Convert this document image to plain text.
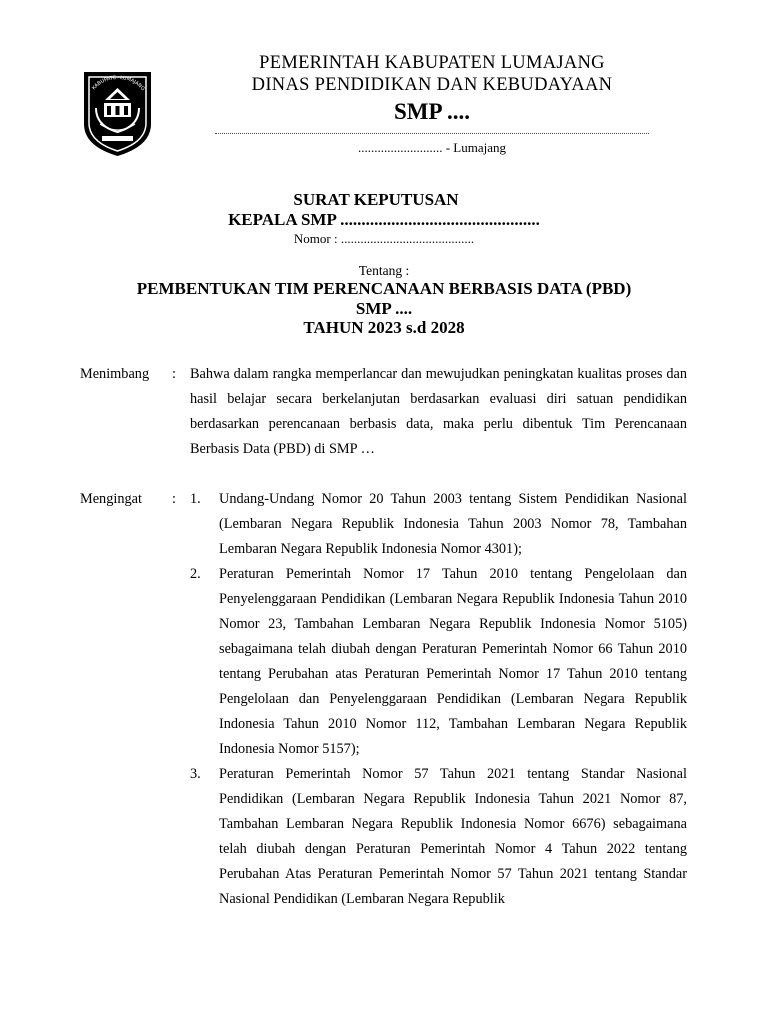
KABUPATE LUMAJANG
PEMERINTAH KABUPATEN LUMAJANG
DINAS PENDIDIKAN DAN KEBUDAYAAN
SMP ....
.......................... - Lumajang
SURAT KEPUTUSAN
KEPALA SMP ...............................................
Nomor : .........................................
Tentang :
PEMBENTUKAN TIM PERENCANAAN BERBASIS DATA (PBD)
SMP ....
TAHUN 2023 s.d 2028
Menimbang : Bahwa dalam rangka memperlancar dan mewujudkan peningkatan kualitas proses dan hasil belajar secara berkelanjutan berdasarkan evaluasi diri satuan pendidikan berdasarkan perencanaan berbasis data, maka perlu dibentuk Tim Perencanaan Berbasis Data (PBD) di SMP …
Mengingat : 1. Undang-Undang Nomor 20 Tahun 2003 tentang Sistem Pendidikan Nasional (Lembaran Negara Republik Indonesia Tahun 2003 Nomor 78, Tambahan Lembaran Negara Republik Indonesia Nomor 4301);
2. Peraturan Pemerintah Nomor 17 Tahun 2010 tentang Pengelolaan dan Penyelenggaraan Pendidikan (Lembaran Negara Republik Indonesia Tahun 2010 Nomor 23, Tambahan Lembaran Negara Republik Indonesia Nomor 5105) sebagaimana telah diubah dengan Peraturan Pemerintah Nomor 66 Tahun 2010 tentang Perubahan atas Peraturan Pemerintah Nomor 17 Tahun 2010 tentang Pengelolaan dan Penyelenggaraan Pendidikan (Lembaran Negara Republik Indonesia Tahun 2010 Nomor 112, Tambahan Lembaran Negara Republik Indonesia Nomor 5157);
3. Peraturan Pemerintah Nomor 57 Tahun 2021 tentang Standar Nasional Pendidikan (Lembaran Negara Republik Indonesia Tahun 2021 Nomor 87, Tambahan Lembaran Negara Republik Indonesia Nomor 6676) sebagaimana telah diubah dengan Peraturan Pemerintah Nomor 4 Tahun 2022 tentang Perubahan Atas Peraturan Pemerintah Nomor 57 Tahun 2021 tentang Standar Nasional Pendidikan (Lembaran Negara Republik
